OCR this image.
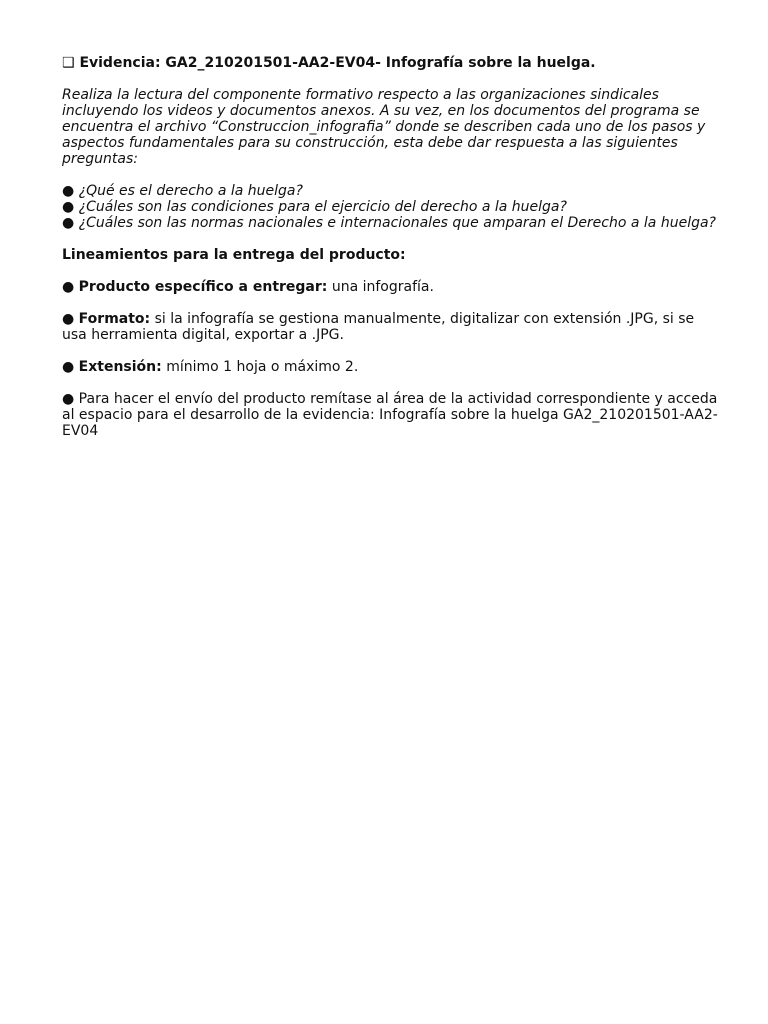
❑ Evidencia: GA2_210201501-AA2-EV04- Infografía sobre la huelga.

Realiza la lectura del componente formativo respecto a las organizaciones sindicales incluyendo los videos y documentos anexos. A su vez, en los documentos del programa se encuentra el archivo “Construccion_infografia” donde se describen cada uno de los pasos y aspectos fundamentales para su construcción, esta debe dar respuesta a las siguientes preguntas:

● ¿Qué es el derecho a la huelga?

● ¿Cuáles son las condiciones para el ejercicio del derecho a la huelga?

● ¿Cuáles son las normas nacionales e internacionales que amparan el Derecho a la huelga?

Lineamientos para la entrega del producto:

● Producto específico a entregar: una infografía.

● Formato: si la infografía se gestiona manualmente, digitalizar con extensión .JPG, si se usa herramienta digital, exportar a .JPG.

● Extensión: mínimo 1 hoja o máximo 2.

● Para hacer el envío del producto remítase al área de la actividad correspondiente y acceda al espacio para el desarrollo de la evidencia: Infografía sobre la huelga GA2_210201501-AA2-EV04
